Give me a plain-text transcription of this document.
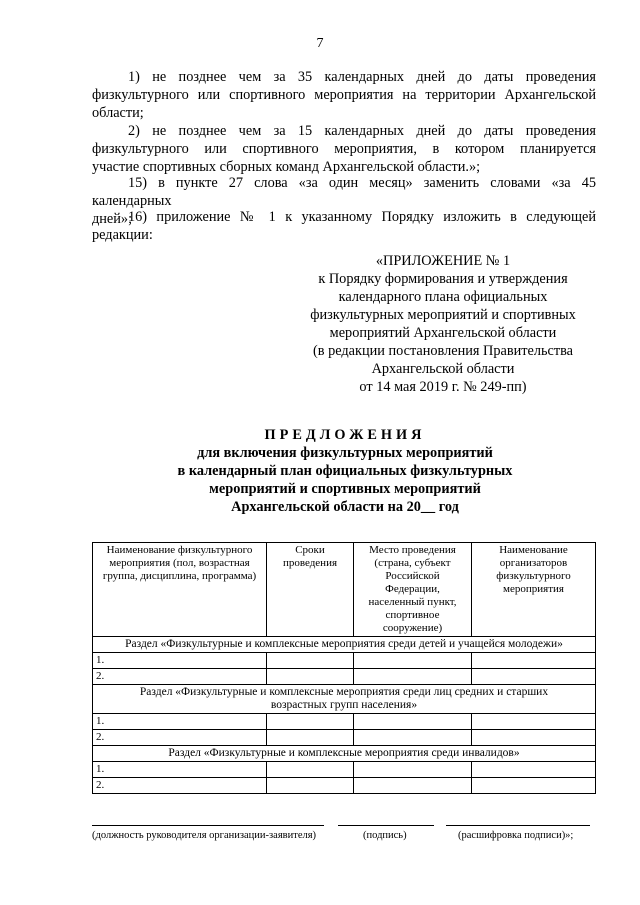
7
1) не позднее чем за 35 календарных дней до даты проведения
физкультурного или спортивного мероприятия на территории Архангельской
области;
2) не позднее чем за 15 календарных дней до даты проведения
физкультурного или спортивного мероприятия, в котором планируется
участие спортивных сборных команд Архангельской области.»;
15) в пункте 27 слова «за один месяц» заменить словами «за 45 календарных
дней»;
16) приложение № 1 к указанному Порядку изложить в следующей
редакции:
«ПРИЛОЖЕНИЕ № 1
к Порядку формирования и утверждения
календарного плана официальных
физкультурных мероприятий и спортивных
мероприятий Архангельской области
(в редакции постановления Правительства
Архангельской области
от 14 мая 2019 г. № 249-пп)
ПРЕДЛОЖЕНИЯ
для включения физкультурных мероприятий
в календарный план официальных физкультурных
мероприятий и спортивных мероприятий
Архангельской области на 20__ год
Наименование физкультурного мероприятия (пол, возрастная группа, дисциплина, программа)	Сроки проведения	Место проведения (страна, субъект Российской Федерации, населенный пункт, спортивное сооружение)	Наименование организаторов физкультурного мероприятия
Раздел «Физкультурные и комплексные мероприятия среди детей и учащейся молодежи»			
1.			
2.			
Раздел «Физкультурные и комплексные мероприятия среди лиц средних и старших возрастных групп населения»			
1.			
2.			
Раздел «Физкультурные и комплексные мероприятия среди инвалидов»			
1.			
2.			
(должность руководителя организации-заявителя)	(подпись)	(расшифровка подписи)»;
